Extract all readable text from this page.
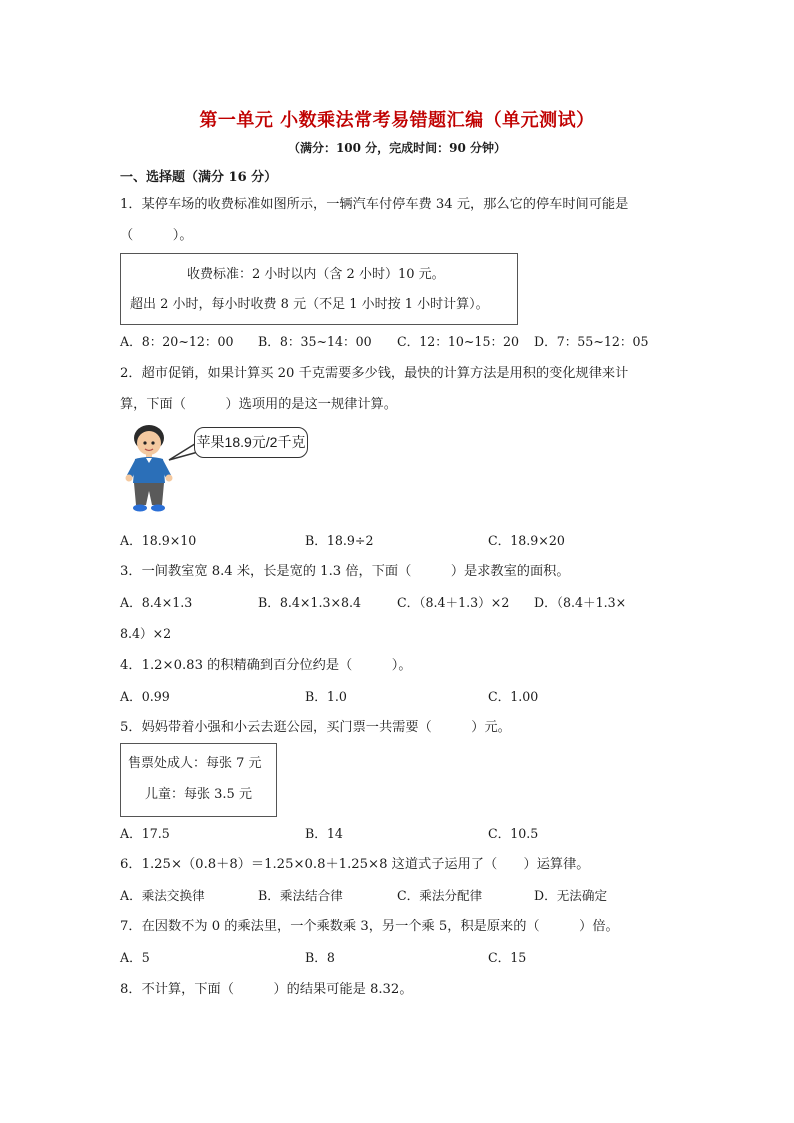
第一单元 小数乘法常考易错题汇编（单元测试）
（满分：100 分，完成时间：90 分钟）
一、选择题（满分 16 分）
1．某停车场的收费标准如图所示，一辆汽车付停车费 34 元，那么它的停车时间可能是
（　　　）。
收费标准：2 小时以内（含 2 小时）10 元。
超出 2 小时，每小时收费 8 元（不足 1 小时按 1 小时计算）。
A．8：20~12：00 B．8：35~14：00 C．12：10~15：20 D．7：55~12：05
2．超市促销，如果计算买 20 千克需要多少钱，最快的计算方法是用积的变化规律来计
算，下面（　　　）选项用的是这一规律计算。
苹果18.9元/2千克
A．18.9×10	B．18.9÷2	C．18.9×20
3．一间教室宽 8.4 米，长是宽的 1.3 倍，下面（　　　）是求教室的面积。
A．8.4×1.3	B．8.4×1.3×8.4	C．（8.4＋1.3）×2 D．（8.4＋1.3×
8.4）×2
4．1.2×0.83 的积精确到百分位约是（　　　）。
A．0.99	B．1.0	C．1.00
5．妈妈带着小强和小云去逛公园，买门票一共需要（　　　）元。
售票处成人：每张 7 元
儿童：每张 3.5 元
A．17.5	B．14	C．10.5
6．1.25×（0.8＋8）＝1.25×0.8＋1.25×8 这道式子运用了（　　）运算律。
A．乘法交换律	B．乘法结合律	C．乘法分配律	D．无法确定
7．在因数不为 0 的乘法里，一个乘数乘 3，另一个乘 5，积是原来的（　　　）倍。
A．5	B．8	C．15
8．不计算，下面（　　　）的结果可能是 8.32。
